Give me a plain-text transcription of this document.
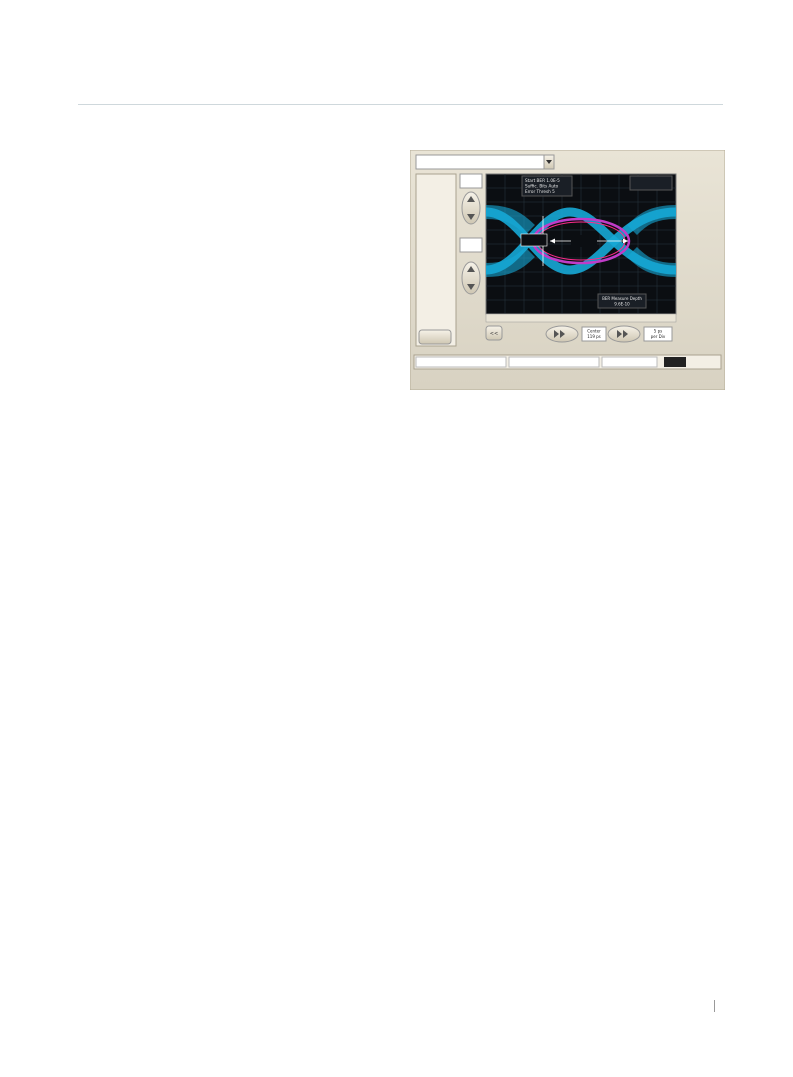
Start BER 1.0E-5
Suffic. Bits Auto
Error Thresh 5
BER Measure Depth
9.6E-10
<<	Center
119 ps
5 ps
per Div
